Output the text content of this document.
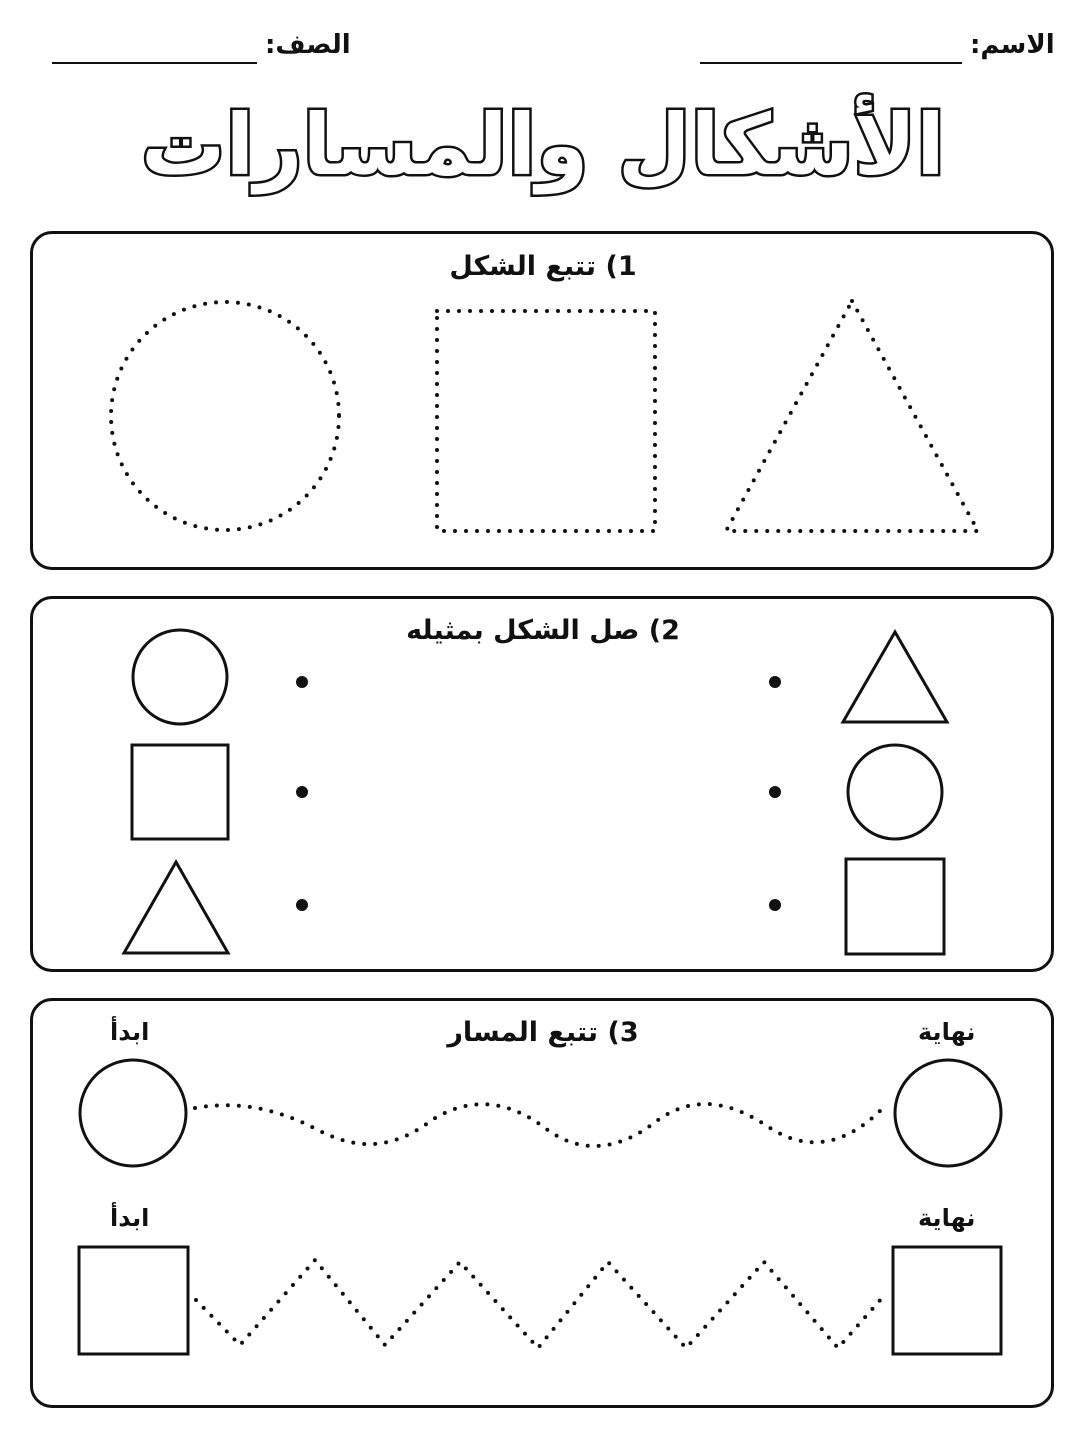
الاسم:
الصف:
الأشكال والمسارات
1) تتبع الشكل
2) صل الشكل بمثيله
3) تتبع المسار
ابدأ	نهاية
ابدأ	نهاية
